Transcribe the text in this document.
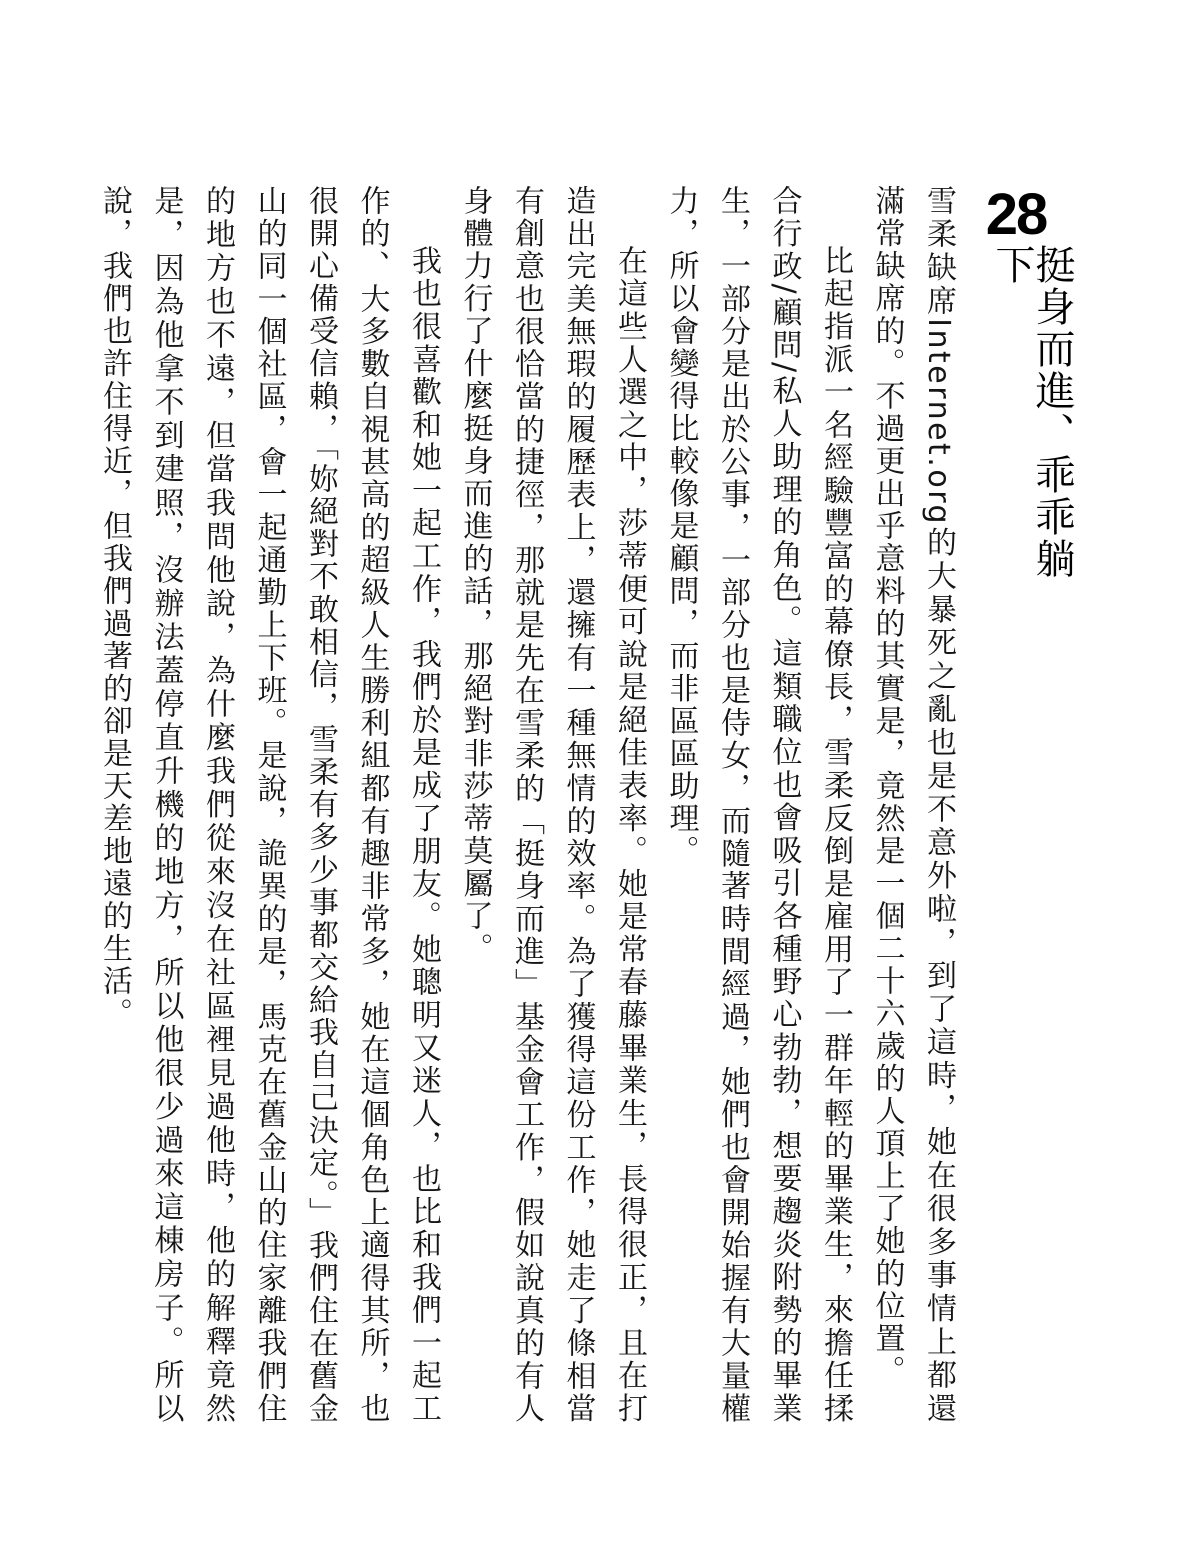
28
挺身而進、乖乖躺下

雪柔缺席Internet.org的大暴死之亂也是不意外啦，到了這時，她在很多事情上都還滿常缺席的。不過更出乎意料的其實是，竟然是一個二十六歲的人頂上了她的位置。

比起指派一名經驗豐富的幕僚長，雪柔反倒是雇用了一群年輕的畢業生，來擔任揉合行政/顧問/私人助理的角色。這類職位也會吸引各種野心勃勃，想要趨炎附勢的畢業生，一部分是出於公事，一部分也是侍女，而隨著時間經過，她們也會開始握有大量權力，所以會變得比較像是顧問，而非區區助理。

在這些人選之中，莎蒂便可說是絕佳表率。她是常春藤畢業生，長得很正，且在打造出完美無瑕的履歷表上，還擁有一種無情的效率。為了獲得這份工作，她走了條相當有創意也很恰當的捷徑，那就是先在雪柔的「挺身而進」基金會工作，假如說真的有人身體力行了什麼挺身而進的話，那絕對非莎蒂莫屬了。

我也很喜歡和她一起工作，我們於是成了朋友。她聰明又迷人，也比和我們一起工作的、大多數自視甚高的超級人生勝利組都有趣非常多，她在這個角色上適得其所，也很開心備受信賴，「妳絕對不敢相信，雪柔有多少事都交給我自己決定。」我們住在舊金山的同一個社區，會一起通勤上下班。是說，詭異的是，馬克在舊金山的住家離我們住的地方也不遠，但當我問他說，為什麼我們從來沒在社區裡見過他時，他的解釋竟然是，因為他拿不到建照，沒辦法蓋停直升機的地方，所以他很少過來這棟房子。所以說，我們也許住得近，但我們過著的卻是天差地遠的生活。
